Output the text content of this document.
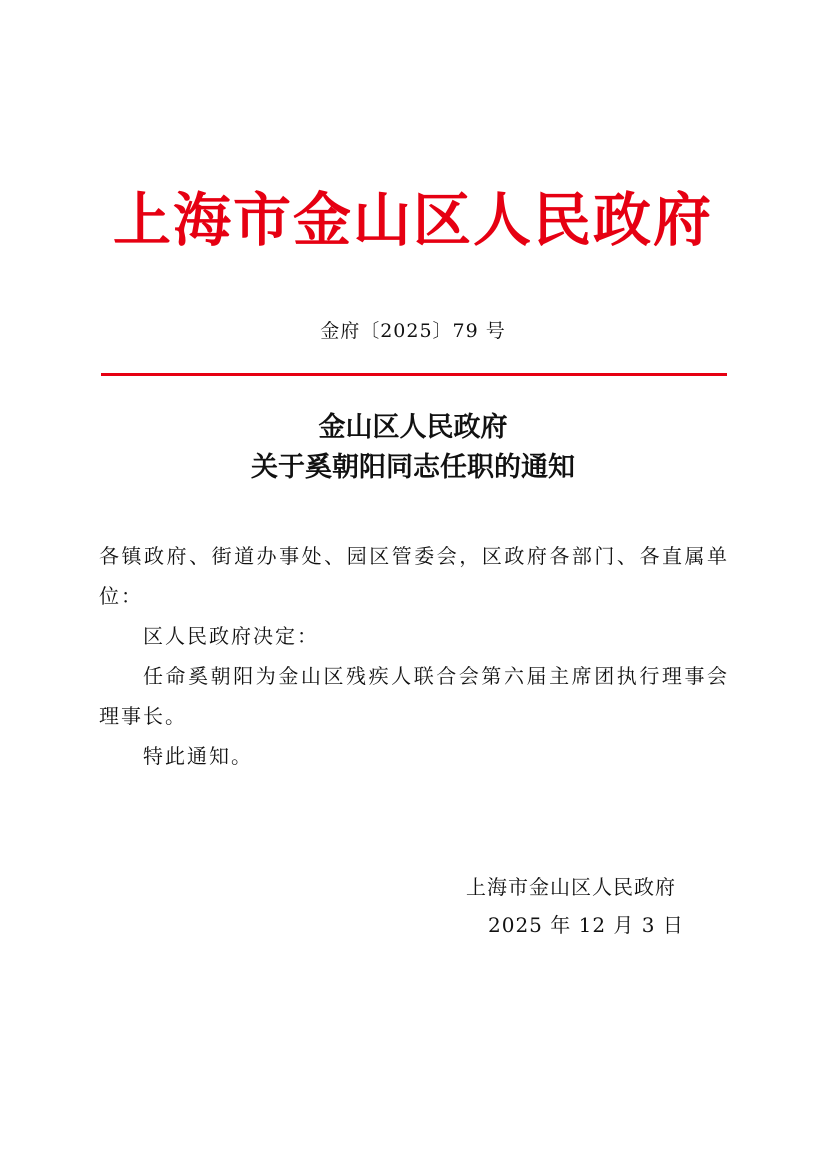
上海市金山区人民政府
金府〔2025〕79 号
金山区人民政府
关于奚朝阳同志任职的通知

各镇政府、街道办事处、园区管委会，区政府各部门、各直属单位：

区人民政府决定：

任命奚朝阳为金山区残疾人联合会第六届主席团执行理事会理事长。

特此通知。

上海市金山区人民政府
2025 年 12 月 3 日
